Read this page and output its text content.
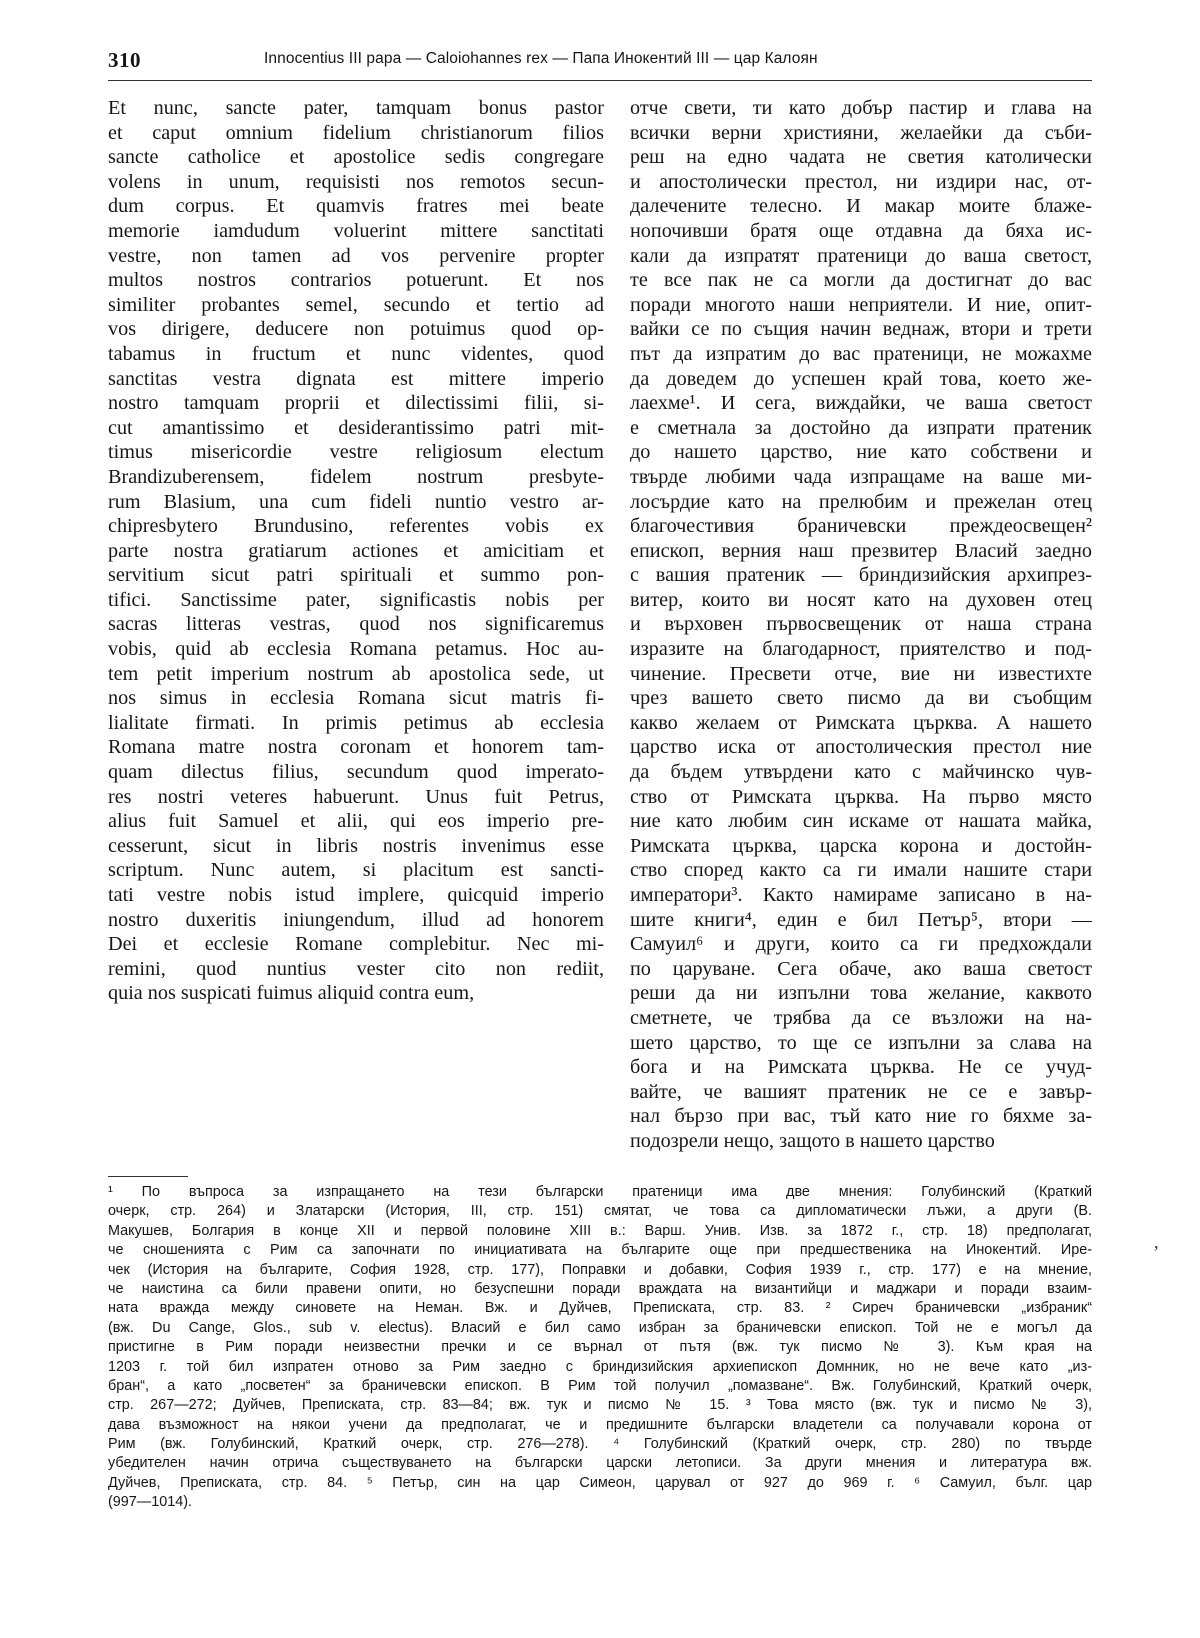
310	Innocentius III papa — Caloiohannes rex — Папа Инокентий III — цар Калоян
Et nunc, sancte pater, tamquam bonus pastor
et caput omnium fidelium christianorum filios
sancte catholice et apostolice sedis congregare
volens in unum, requisisti nos remotos secun-
dum corpus. Et quamvis fratres mei beate
memorie iamdudum voluerint mittere sanctitati
vestre, non tamen ad vos pervenire propter
multos nostros contrarios potuerunt. Et nos
similiter probantes semel, secundo et tertio ad
vos dirigere, deducere non potuimus quod op-
tabamus in fructum et nunc videntes, quod
sanctitas vestra dignata est mittere imperio
nostro tamquam proprii et dilectissimi filii, si-
cut amantissimo et desiderantissimo patri mit-
timus misericordie vestre religiosum electum
Brandizuberensem, fidelem nostrum presbyte-
rum Blasium, una cum fideli nuntio vestro ar-
chipresbytero Brundusino, referentes vobis ex
parte nostra gratiarum actiones et amicitiam et
servitium sicut patri spirituali et summo pon-
tifici. Sanctissime pater, significastis nobis per
sacras litteras vestras, quod nos significaremus
vobis, quid ab ecclesia Romana petamus. Hoc au-
tem petit imperium nostrum ab apostolica sede, ut
nos simus in ecclesia Romana sicut matris fi-
lialitate firmati. In primis petimus ab ecclesia
Romana matre nostra coronam et honorem tam-
quam dilectus filius, secundum quod imperato-
res nostri veteres habuerunt. Unus fuit Petrus,
alius fuit Samuel et alii, qui eos imperio pre-
cesserunt, sicut in libris nostris invenimus esse
scriptum. Nunc autem, si placitum est sancti-
tati vestre nobis istud implere, quicquid imperio
nostro duxeritis iniungendum, illud ad honorem
Dei et ecclesie Romane complebitur. Nec mi-
remini, quod nuntius vester cito non rediit,
quia nos suspicati fuimus aliquid contra eum,
отче свети, ти като добър пастир и глава на
всички верни християни, желаейки да съби-
реш на едно чадата не светия католически
и апостолически престол, ни издири нас, от-
далечените телесно. И макар моите блаже-
нопочивши братя още отдавна да бяха ис-
кали да изпратят пратеници до ваша светост,
те все пак не са могли да достигнат до вас
поради многото наши неприятели. И ние, опит-
вайки се по същия начин веднаж, втори и трети
път да изпратим до вас пратеници, не можахме
да доведем до успешен край това, което же-
лаехме¹. И сега, виждайки, че ваша светост
е сметнала за достойно да изпрати пратеник
до нашето царство, ние като собствени и
твърде любими чада изпращаме на ваше ми-
лосърдие като на прелюбим и прежелан отец
благочестивия браничевски преждеосвещен²
епископ, верния наш презвитер Власий заедно
с вашия пратеник — бриндизийския архипрез-
витер, които ви носят като на духовен отец
и върховен първосвещеник от наша страна
изразите на благодарност, приятелство и под-
чинение. Пресвети отче, вие ни известихте
чрез вашето свето писмо да ви съобщим
какво желаем от Римската църква. А нашето
царство иска от апостолическия престол ние
да бъдем утвърдени като с майчинско чув-
ство от Римската църква. На първо място
ние като любим син искаме от нашата майка,
Римската църква, царска корона и достойн-
ство според както са ги имали нашите стари
императори³. Както намираме записано в на-
шите книги⁴, един е бил Петър⁵, втори —
Самуил⁶ и други, които са ги предхождали
по царуване. Сега обаче, ако ваша светост
реши да ни изпълни това желание, каквото
сметнете, че трябва да се възложи на на-
шето царство, то ще се изпълни за слава на
бога и на Римската църква. Не се учуд-
вайте, че вашият пратеник не се е завър-
нал бързо при вас, тъй като ние го бяхме за-
подозрели нещо, защото в нашето царство
¹ По въпроса за изпращането на тези български пратеници има две мнения: Голубинский (Краткий
очерк, стр. 264) и Златарски (История, III, стр. 151) смятат, че това са дипломатически лъжи, а други (В.
Макушев, Болгария в конце XII и первой половине XIII в.: Варш. Унив. Изв. за 1872 г., стр. 18) предполагат,
че сношенията с Рим са започнати по инициативата на българите още при предшественика на Инокентий. Ире-
чек (История на българите, София 1928, стр. 177), Поправки и добавки, София 1939 г., стр. 177) е на мнение,
че наистина са били правени опити, но безуспешни поради враждата на византийци и маджари и поради взаим-
ната вражда между синовете на Неман. Вж. и Дуйчев, Преписката, стр. 83. ² Сиреч браничевски „избраник“
(вж. Du Cange, Glos., sub v. electus). Власий е бил само избран за браничевски епископ. Той не е могъл да
пристигне в Рим поради неизвестни пречки и се върнал от пътя (вж. тук писмо № 3). Към края на
1203 г. той бил изпратен отново за Рим заедно с бриндизийския архиепископ Домнник, но не вече като „из-
бран“, а като „посветен“ за браничевски епископ. В Рим той получил „помазване“. Вж. Голубинский, Краткий очерк,
стр. 267—272; Дуйчев, Преписката, стр. 83—84; вж. тук и писмо № 15. ³ Това място (вж. тук и писмо № 3),
дава възможност на някои учени да предполагат, че и предишните български владетели са получавали корона от
Рим (вж. Голубинский, Краткий очерк, стр. 276—278). ⁴ Голубинский (Краткий очерк, стр. 280) по твърде
убедителен начин отрича съществуването на български царски летописи. За други мнения и литература вж.
Дуйчев, Преписката, стр. 84. ⁵ Петър, син на цар Симеон, царувал от 927 до 969 г. ⁶ Самуил, бълг. цар
(997—1014).
,
